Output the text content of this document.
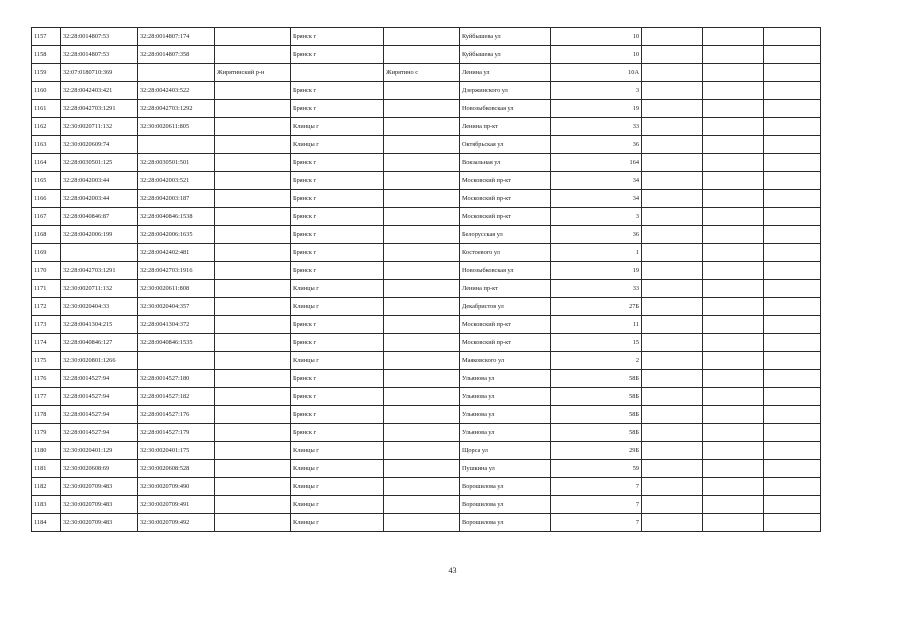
1157	32:28:0014807:53	32:28:0014807:174		Брянск г		Куйбышева ул	10			
1158	32:28:0014807:53	32:28:0014807:358		Брянск г		Куйбышева ул	10			
1159	32:07:0180710:369		Жирятинский р-н		Жирятино с	Ленина ул	10А			
1160	32:28:0042403:421	32:28:0042403:522		Брянск г		Дзержинского ул	3			
1161	32:28:0042703:1291	32:28:0042703:1292		Брянск г		Новозыбковская ул	19			
1162	32:30:0020711:132	32:30:0020611:805		Клинцы г		Ленина пр-кт	33			
1163	32:30:0020609:74			Клинцы г		Октябрьская ул	36			
1164	32:28:0030501:125	32:28:0030501:501		Брянск г		Вокзальная ул	164			
1165	32:28:0042003:44	32:28:0042003:521		Брянск г		Московский пр-кт	34			
1166	32:28:0042003:44	32:28:0042003:187		Брянск г		Московский пр-кт	34			
1167	32:28:0040846:87	32:28:0040846:1538		Брянск г		Московский пр-кт	3			
1168	32:28:0042006:199	32:28:0042006:1635		Брянск г		Белорусская ул	36			
1169		32:28:0042402:481		Брянск г		Костоевого ул	1			
1170	32:28:0042703:1291	32:28:0042703:1916		Брянск г		Новозыбковская ул	19			
1171	32:30:0020711:132	32:30:0020611:808		Клинцы г		Ленина пр-кт	33			
1172	32:30:0020404:33	32:30:0020404:357		Клинцы г		Декабристов ул	27Б			
1173	32:28:0041304:215	32:28:0041304:372		Брянск г		Московский пр-кт	11			
1174	32:28:0040846:127	32:28:0040846:1535		Брянск г		Московский пр-кт	15			
1175	32:30:0020801:1266			Клинцы г		Маяковского ул	2			
1176	32:28:0014527:94	32:28:0014527:180		Брянск г		Ульянова ул	58Б			
1177	32:28:0014527:94	32:28:0014527:182		Брянск г		Ульянова ул	58Б			
1178	32:28:0014527:94	32:28:0014527:176		Брянск г		Ульянова ул	58Б			
1179	32:28:0014527:94	32:28:0014527:179		Брянск г		Ульянова ул	58Б			
1180	32:30:0020401:129	32:30:0020401:175		Клинцы г		Щорса ул	29Б			
1181	32:30:0020608:69	32:30:0020608:528		Клинцы г		Пушкина ул	59			
1182	32:30:0020709:483	32:30:0020709:490		Клинцы г		Ворошилова ул	7			
1183	32:30:0020709:483	32:30:0020709:491		Клинцы г		Ворошилова ул	7			
1184	32:30:0020709:483	32:30:0020709:492		Клинцы г		Ворошилова ул	7			
43
